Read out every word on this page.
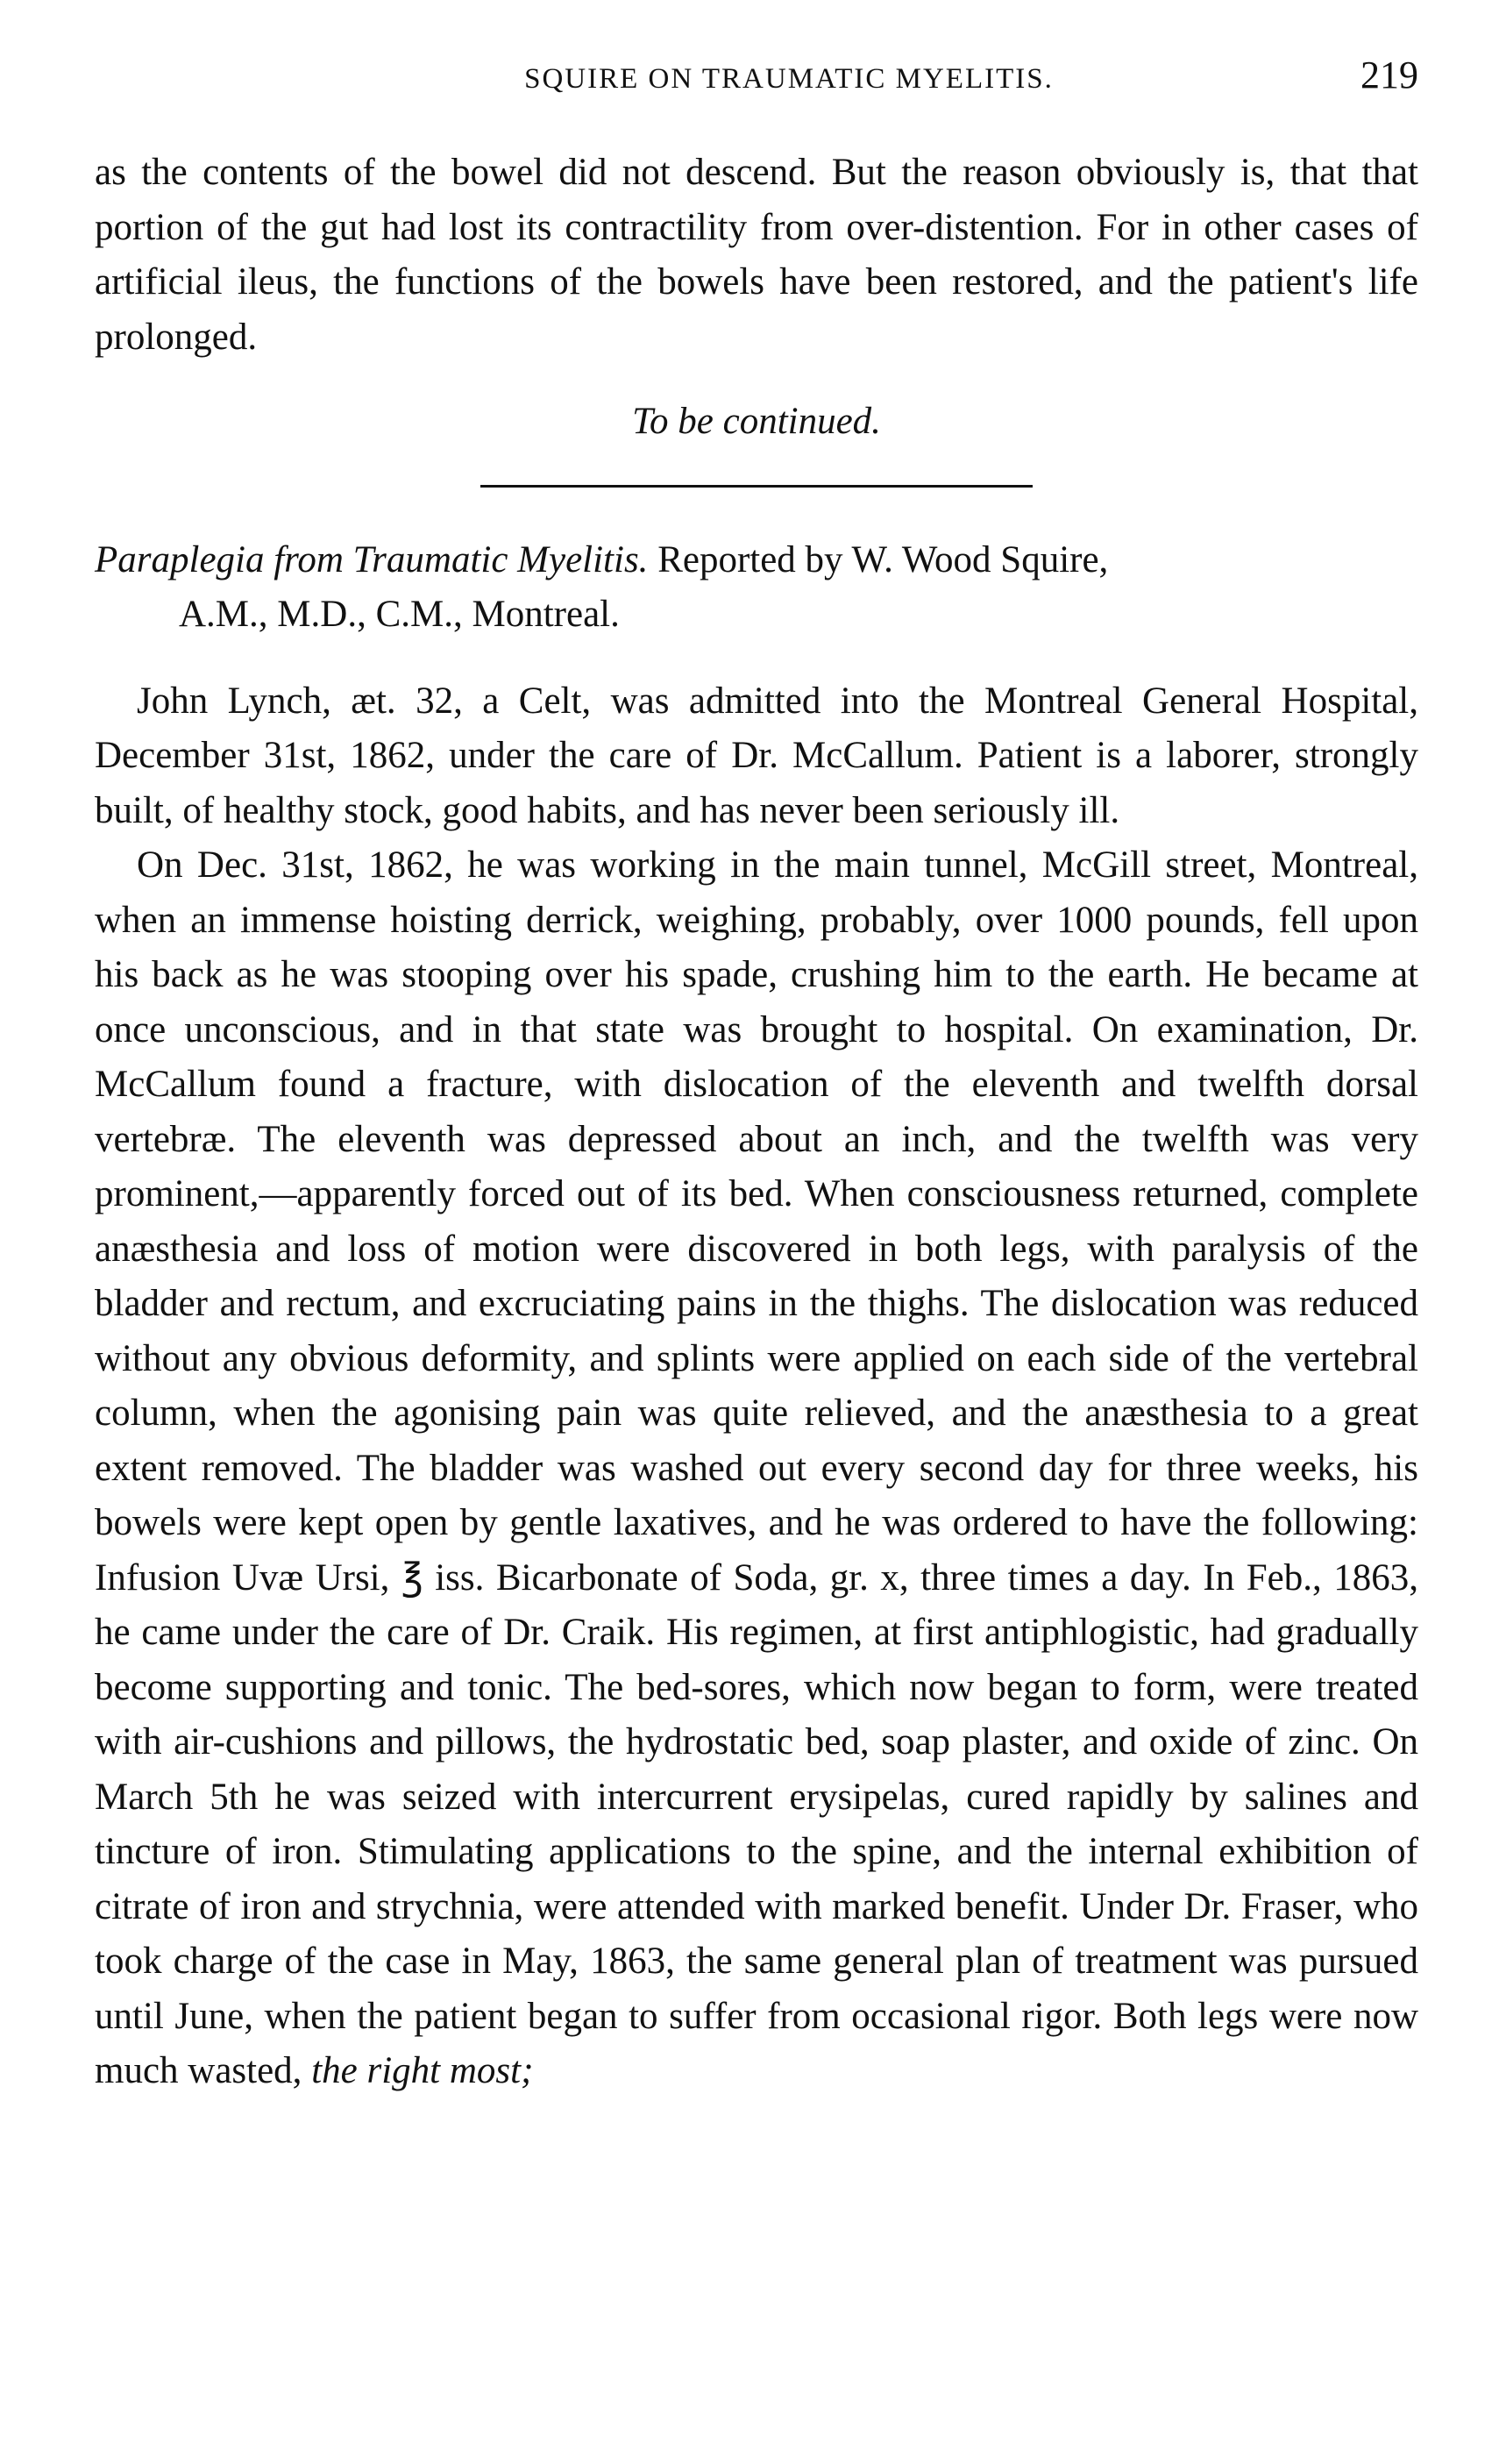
SQUIRE ON TRAUMATIC MYELITIS.	219

as the contents of the bowel did not descend. But the reason obviously is, that that portion of the gut had lost its contractility from over-distention. For in other cases of artificial ileus, the functions of the bowels have been restored, and the patient's life prolonged.

To be continued.

Paraplegia from Traumatic Myelitis. Reported by W. Wood Squire,
A.M., M.D., C.M., Montreal.

John Lynch, æt. 32, a Celt, was admitted into the Montreal General Hospital, December 31st, 1862, under the care of Dr. McCallum. Patient is a laborer, strongly built, of healthy stock, good habits, and has never been seriously ill.

On Dec. 31st, 1862, he was working in the main tunnel, McGill street, Montreal, when an immense hoisting derrick, weighing, probably, over 1000 pounds, fell upon his back as he was stooping over his spade, crushing him to the earth. He became at once unconscious, and in that state was brought to hospital. On examination, Dr. McCallum found a fracture, with dislocation of the eleventh and twelfth dorsal vertebræ. The eleventh was depressed about an inch, and the twelfth was very prominent,—apparently forced out of its bed. When consciousness returned, complete anæsthesia and loss of motion were discovered in both legs, with paralysis of the bladder and rectum, and excruciating pains in the thighs. The dislocation was reduced without any obvious deformity, and splints were applied on each side of the vertebral column, when the agonising pain was quite relieved, and the anæsthesia to a great extent removed. The bladder was washed out every second day for three weeks, his bowels were kept open by gentle laxatives, and he was ordered to have the following: Infusion Uvæ Ursi, ℥ iss. Bicarbonate of Soda, gr. x, three times a day. In Feb., 1863, he came under the care of Dr. Craik. His regimen, at first antiphlogistic, had gradually become supporting and tonic. The bed-sores, which now began to form, were treated with air-cushions and pillows, the hydrostatic bed, soap plaster, and oxide of zinc. On March 5th he was seized with intercurrent erysipelas, cured rapidly by salines and tincture of iron. Stimulating applications to the spine, and the internal exhibition of citrate of iron and strychnia, were attended with marked benefit. Under Dr. Fraser, who took charge of the case in May, 1863, the same general plan of treatment was pursued until June, when the patient began to suffer from occasional rigor. Both legs were now much wasted, the right most;
